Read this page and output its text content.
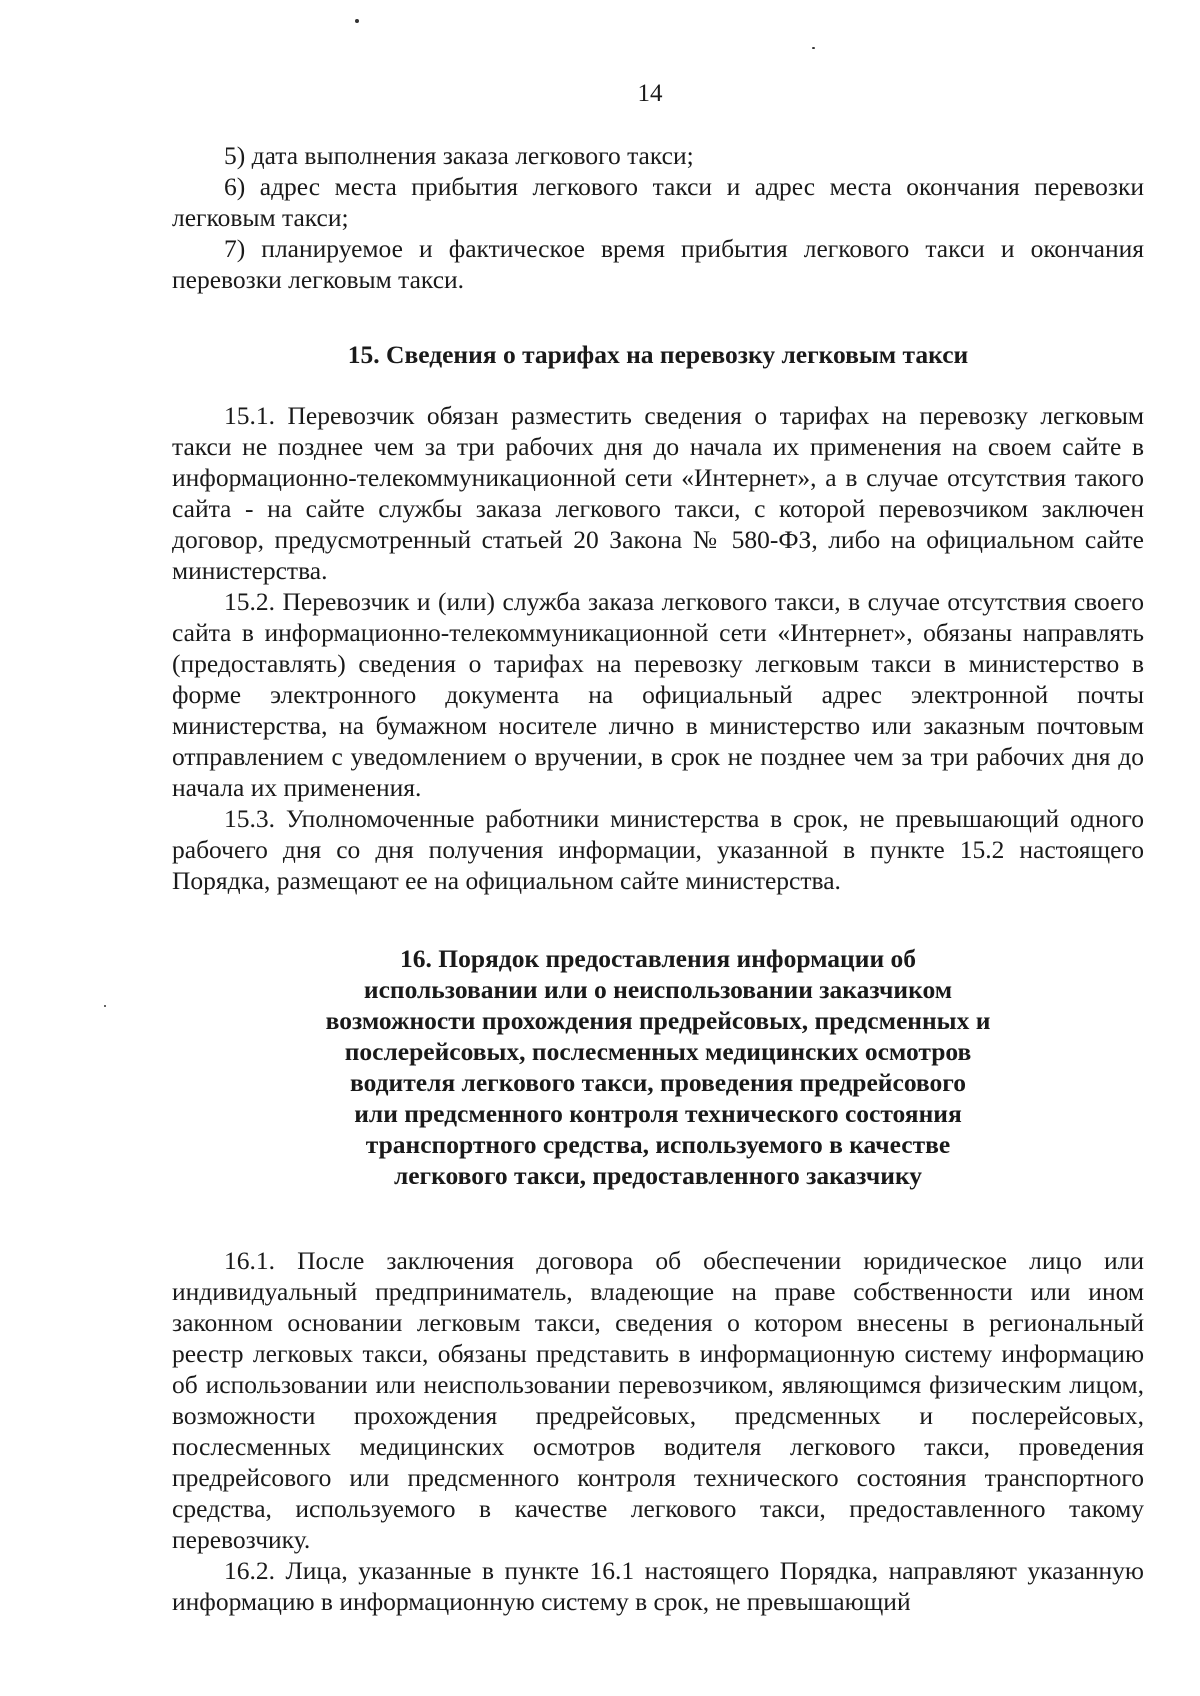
14

5) дата выполнения заказа легкового такси;

6) адрес места прибытия легкового такси и адрес места окончания перевозки легковым такси;

7) планируемое и фактическое время прибытия легкового такси и окончания перевозки легковым такси.

15. Сведения о тарифах на перевозку легковым такси

15.1. Перевозчик обязан разместить сведения о тарифах на перевозку легковым такси не позднее чем за три рабочих дня до начала их применения на своем сайте в информационно-телекоммуникационной сети «Интернет», а в случае отсутствия такого сайта - на сайте службы заказа легкового такси, с которой перевозчиком заключен договор, предусмотренный статьей 20 Закона № 580-ФЗ, либо на официальном сайте министерства.

15.2. Перевозчик и (или) служба заказа легкового такси, в случае отсутствия своего сайта в информационно-телекоммуникационной сети «Интернет», обязаны направлять (предоставлять) сведения о тарифах на перевозку легковым такси в министерство в форме электронного документа на официальный адрес электронной почты министерства, на бумажном носителе лично в министерство или заказным почтовым отправлением с уведомлением о вручении, в срок не позднее чем за три рабочих дня до начала их применения.

15.3. Уполномоченные работники министерства в срок, не превышающий одного рабочего дня со дня получения информации, указанной в пункте 15.2 настоящего Порядка, размещают ее на официальном сайте министерства.

16. Порядок предоставления информации об
использовании или о неиспользовании заказчиком
возможности прохождения предрейсовых, предсменных и
послерейсовых, послесменных медицинских осмотров
водителя легкового такси, проведения предрейсового
или предсменного контроля технического состояния
транспортного средства, используемого в качестве
легкового такси, предоставленного заказчику

16.1. После заключения договора об обеспечении юридическое лицо или индивидуальный предприниматель, владеющие на праве собственности или ином законном основании легковым такси, сведения о котором внесены в региональный реестр легковых такси, обязаны представить в информационную систему информацию об использовании или неиспользовании перевозчиком, являющимся физическим лицом, возможности прохождения предрейсовых, предсменных и послерейсовых, послесменных медицинских осмотров водителя легкового такси, проведения предрейсового или предсменного контроля технического состояния транспортного средства, используемого в качестве легкового такси, предоставленного такому перевозчику.

16.2. Лица, указанные в пункте 16.1 настоящего Порядка, направляют указанную информацию в информационную систему в срок, не превышающий
